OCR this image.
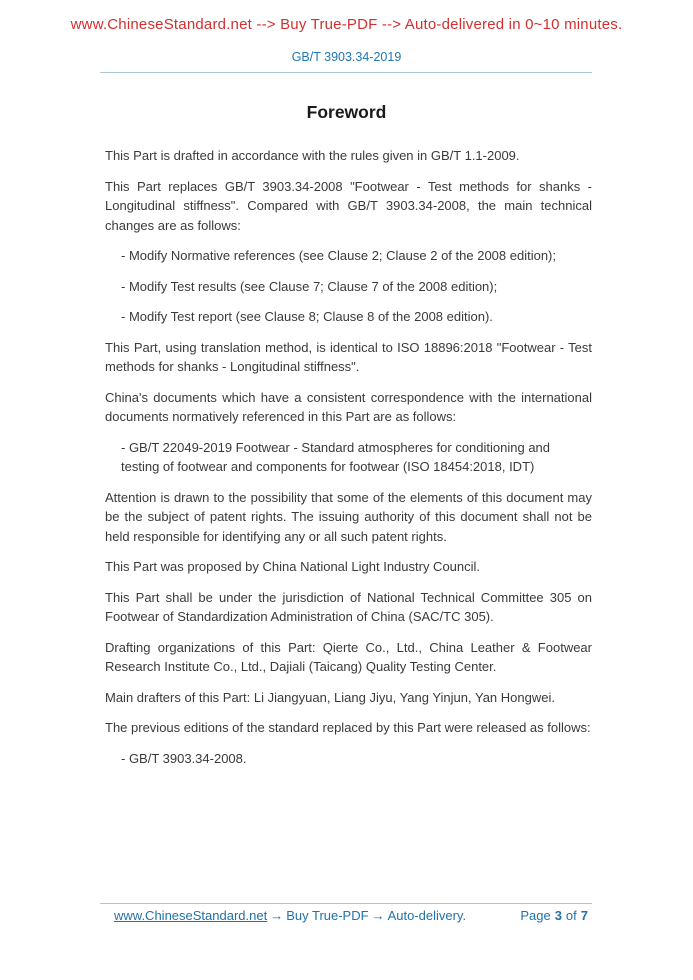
www.ChineseStandard.net --> Buy True-PDF --> Auto-delivered in 0~10 minutes.
GB/T 3903.34-2019
Foreword
This Part is drafted in accordance with the rules given in GB/T 1.1-2009.
This Part replaces GB/T 3903.34-2008 "Footwear - Test methods for shanks - Longitudinal stiffness". Compared with GB/T 3903.34-2008, the main technical changes are as follows:
- Modify Normative references (see Clause 2; Clause 2 of the 2008 edition);
- Modify Test results (see Clause 7; Clause 7 of the 2008 edition);
- Modify Test report (see Clause 8; Clause 8 of the 2008 edition).
This Part, using translation method, is identical to ISO 18896:2018 "Footwear - Test methods for shanks - Longitudinal stiffness".
China's documents which have a consistent correspondence with the international documents normatively referenced in this Part are as follows:
- GB/T 22049-2019 Footwear - Standard atmospheres for conditioning and testing of footwear and components for footwear (ISO 18454:2018, IDT)
Attention is drawn to the possibility that some of the elements of this document may be the subject of patent rights. The issuing authority of this document shall not be held responsible for identifying any or all such patent rights.
This Part was proposed by China National Light Industry Council.
This Part shall be under the jurisdiction of National Technical Committee 305 on Footwear of Standardization Administration of China (SAC/TC 305).
Drafting organizations of this Part: Qierte Co., Ltd., China Leather & Footwear Research Institute Co., Ltd., Dajiali (Taicang) Quality Testing Center.
Main drafters of this Part: Li Jiangyuan, Liang Jiyu, Yang Yinjun, Yan Hongwei.
The previous editions of the standard replaced by this Part were released as follows:
- GB/T 3903.34-2008.
www.ChineseStandard.net → Buy True-PDF → Auto-delivery.	Page 3 of 7
